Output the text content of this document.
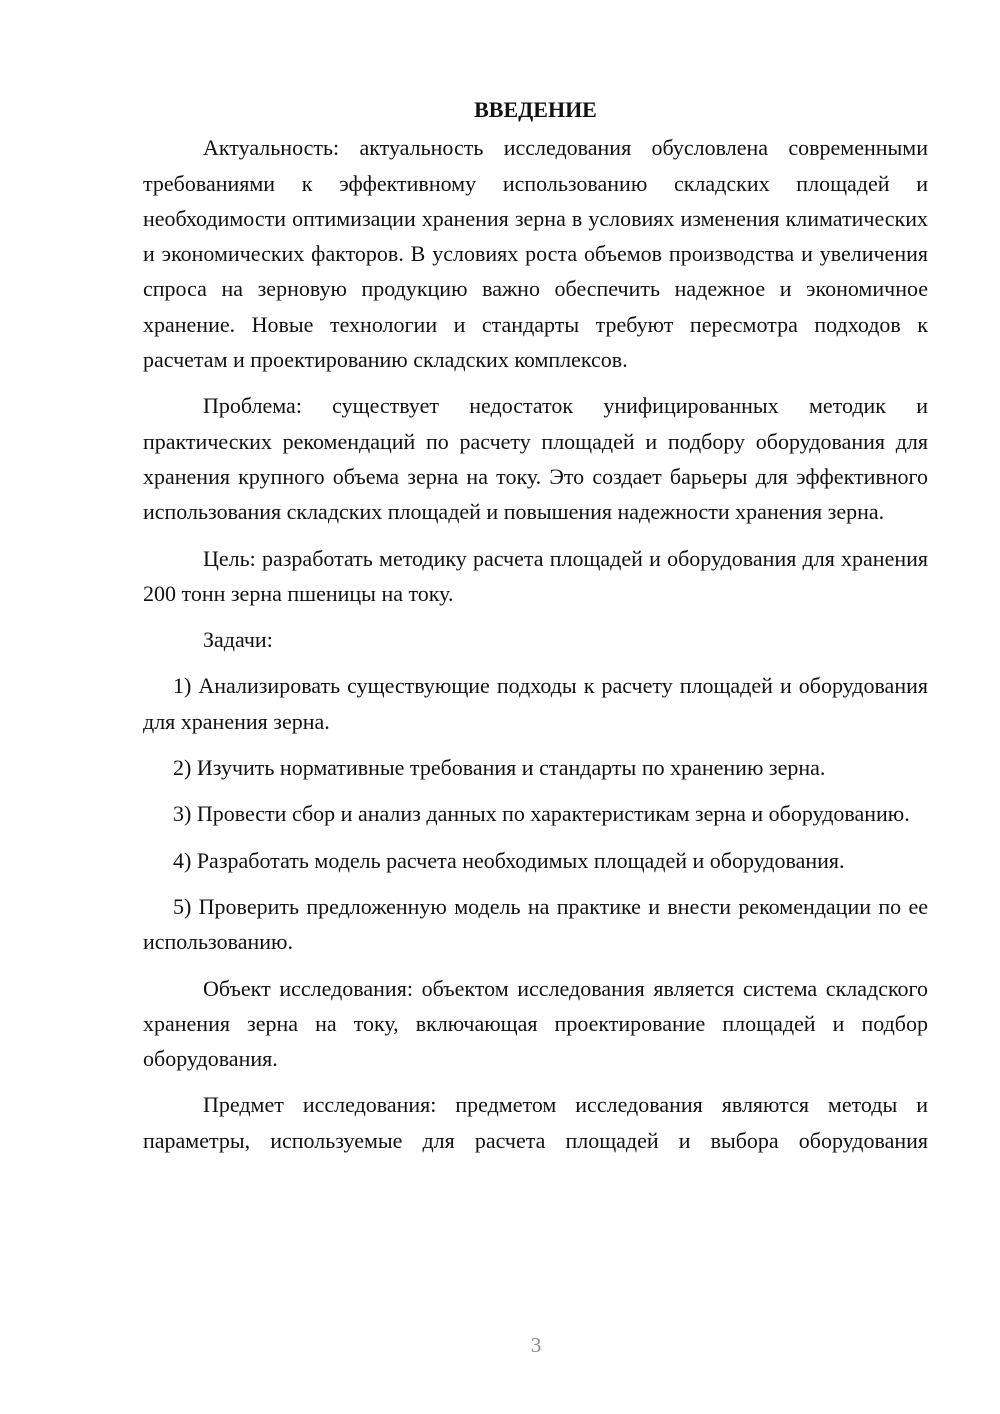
ВВЕДЕНИЕ

Актуальность: актуальность исследования обусловлена современными требованиями к эффективному использованию складских площадей и необходимости оптимизации хранения зерна в условиях изменения климатических и экономических факторов. В условиях роста объемов производства и увеличения спроса на зерновую продукцию важно обеспечить надежное и экономичное хранение. Новые технологии и стандарты требуют пересмотра подходов к расчетам и проектированию складских комплексов.

Проблема: существует недостаток унифицированных методик и практических рекомендаций по расчету площадей и подбору оборудования для хранения крупного объема зерна на току. Это создает барьеры для эффективного использования складских площадей и повышения надежности хранения зерна.

Цель: разработать методику расчета площадей и оборудования для хранения 200 тонн зерна пшеницы на току.

Задачи:

1) Анализировать существующие подходы к расчету площадей и оборудования для хранения зерна.

2) Изучить нормативные требования и стандарты по хранению зерна.

3) Провести сбор и анализ данных по характеристикам зерна и оборудованию.

4) Разработать модель расчета необходимых площадей и оборудования.

5) Проверить предложенную модель на практике и внести рекомендации по ее использованию.

Объект исследования: объектом исследования является система складского хранения зерна на току, включающая проектирование площадей и подбор оборудования.

Предмет исследования: предметом исследования являются методы и параметры, используемые для расчета площадей и выбора оборудования

3
